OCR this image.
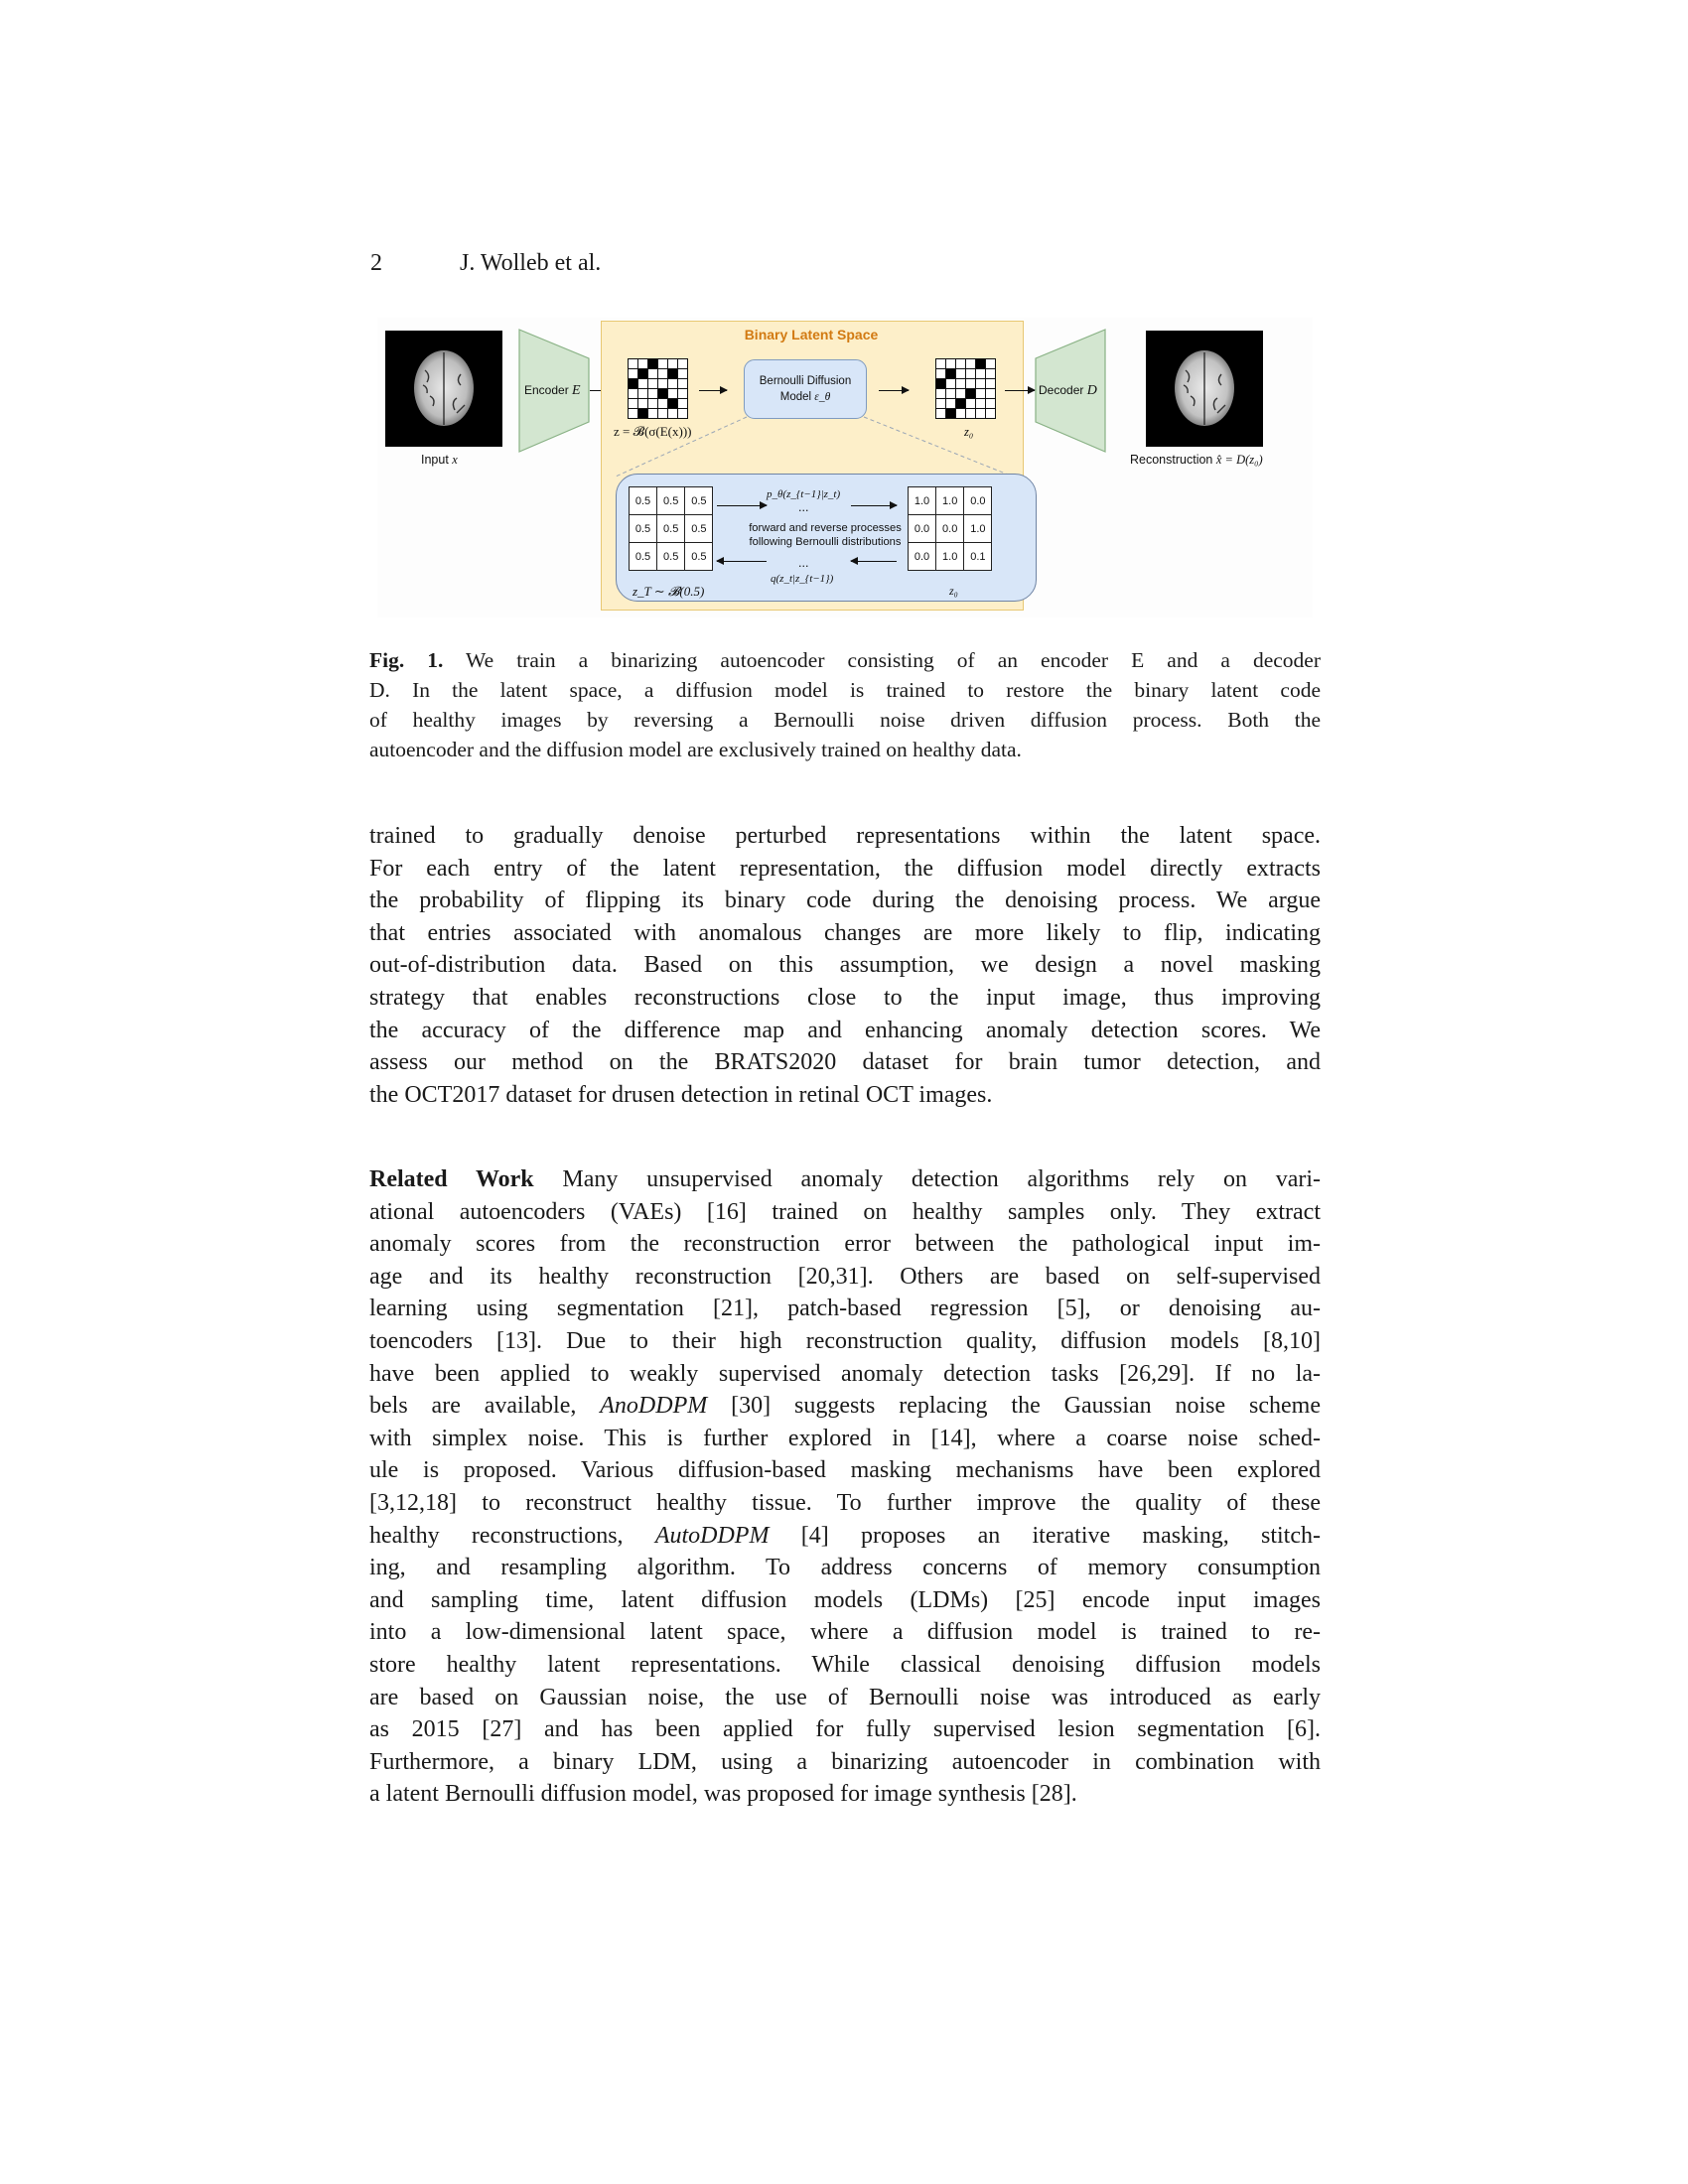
2	J. Wolleb et al.
Input x
Encoder E
Binary Latent Space
z = 𝓑(σ(E(x)))
Bernoulli Diffusion
Model ε_θ
z₀
0.5	0.5	0.5
0.5	0.5	0.5
0.5	0.5	0.5
z_T ∼ 𝓑(0.5)
p_θ(z_{t−1}|z_t)
...
forward and reverse processes
following Bernoulli distributions
...
q(z_t|z_{t−1})
1.0	1.0	0.0
0.0	0.0	1.0
0.0	1.0	0.1
z₀
Decoder D
Reconstruction x̂ = D(z₀)
Fig. 1. We train a binarizing autoencoder consisting of an encoder E and a decoder
D. In the latent space, a diffusion model is trained to restore the binary latent code
of healthy images by reversing a Bernoulli noise driven diffusion process. Both the
autoencoder and the diffusion model are exclusively trained on healthy data.
trained to gradually denoise perturbed representations within the latent space.
For each entry of the latent representation, the diffusion model directly extracts
the probability of flipping its binary code during the denoising process. We argue
that entries associated with anomalous changes are more likely to flip, indicating
out-of-distribution data. Based on this assumption, we design a novel masking
strategy that enables reconstructions close to the input image, thus improving
the accuracy of the difference map and enhancing anomaly detection scores. We
assess our method on the BRATS2020 dataset for brain tumor detection, and
the OCT2017 dataset for drusen detection in retinal OCT images.
Related Work Many unsupervised anomaly detection algorithms rely on vari-
ational autoencoders (VAEs) [16] trained on healthy samples only. They extract
anomaly scores from the reconstruction error between the pathological input im-
age and its healthy reconstruction [20,31]. Others are based on self-supervised
learning using segmentation [21], patch-based regression [5], or denoising au-
toencoders [13]. Due to their high reconstruction quality, diffusion models [8,10]
have been applied to weakly supervised anomaly detection tasks [26,29]. If no la-
bels are available, AnoDDPM [30] suggests replacing the Gaussian noise scheme
with simplex noise. This is further explored in [14], where a coarse noise sched-
ule is proposed. Various diffusion-based masking mechanisms have been explored
[3,12,18] to reconstruct healthy tissue. To further improve the quality of these
healthy reconstructions, AutoDDPM [4] proposes an iterative masking, stitch-
ing, and resampling algorithm. To address concerns of memory consumption
and sampling time, latent diffusion models (LDMs) [25] encode input images
into a low-dimensional latent space, where a diffusion model is trained to re-
store healthy latent representations. While classical denoising diffusion models
are based on Gaussian noise, the use of Bernoulli noise was introduced as early
as 2015 [27] and has been applied for fully supervised lesion segmentation [6].
Furthermore, a binary LDM, using a binarizing autoencoder in combination with
a latent Bernoulli diffusion model, was proposed for image synthesis [28].
